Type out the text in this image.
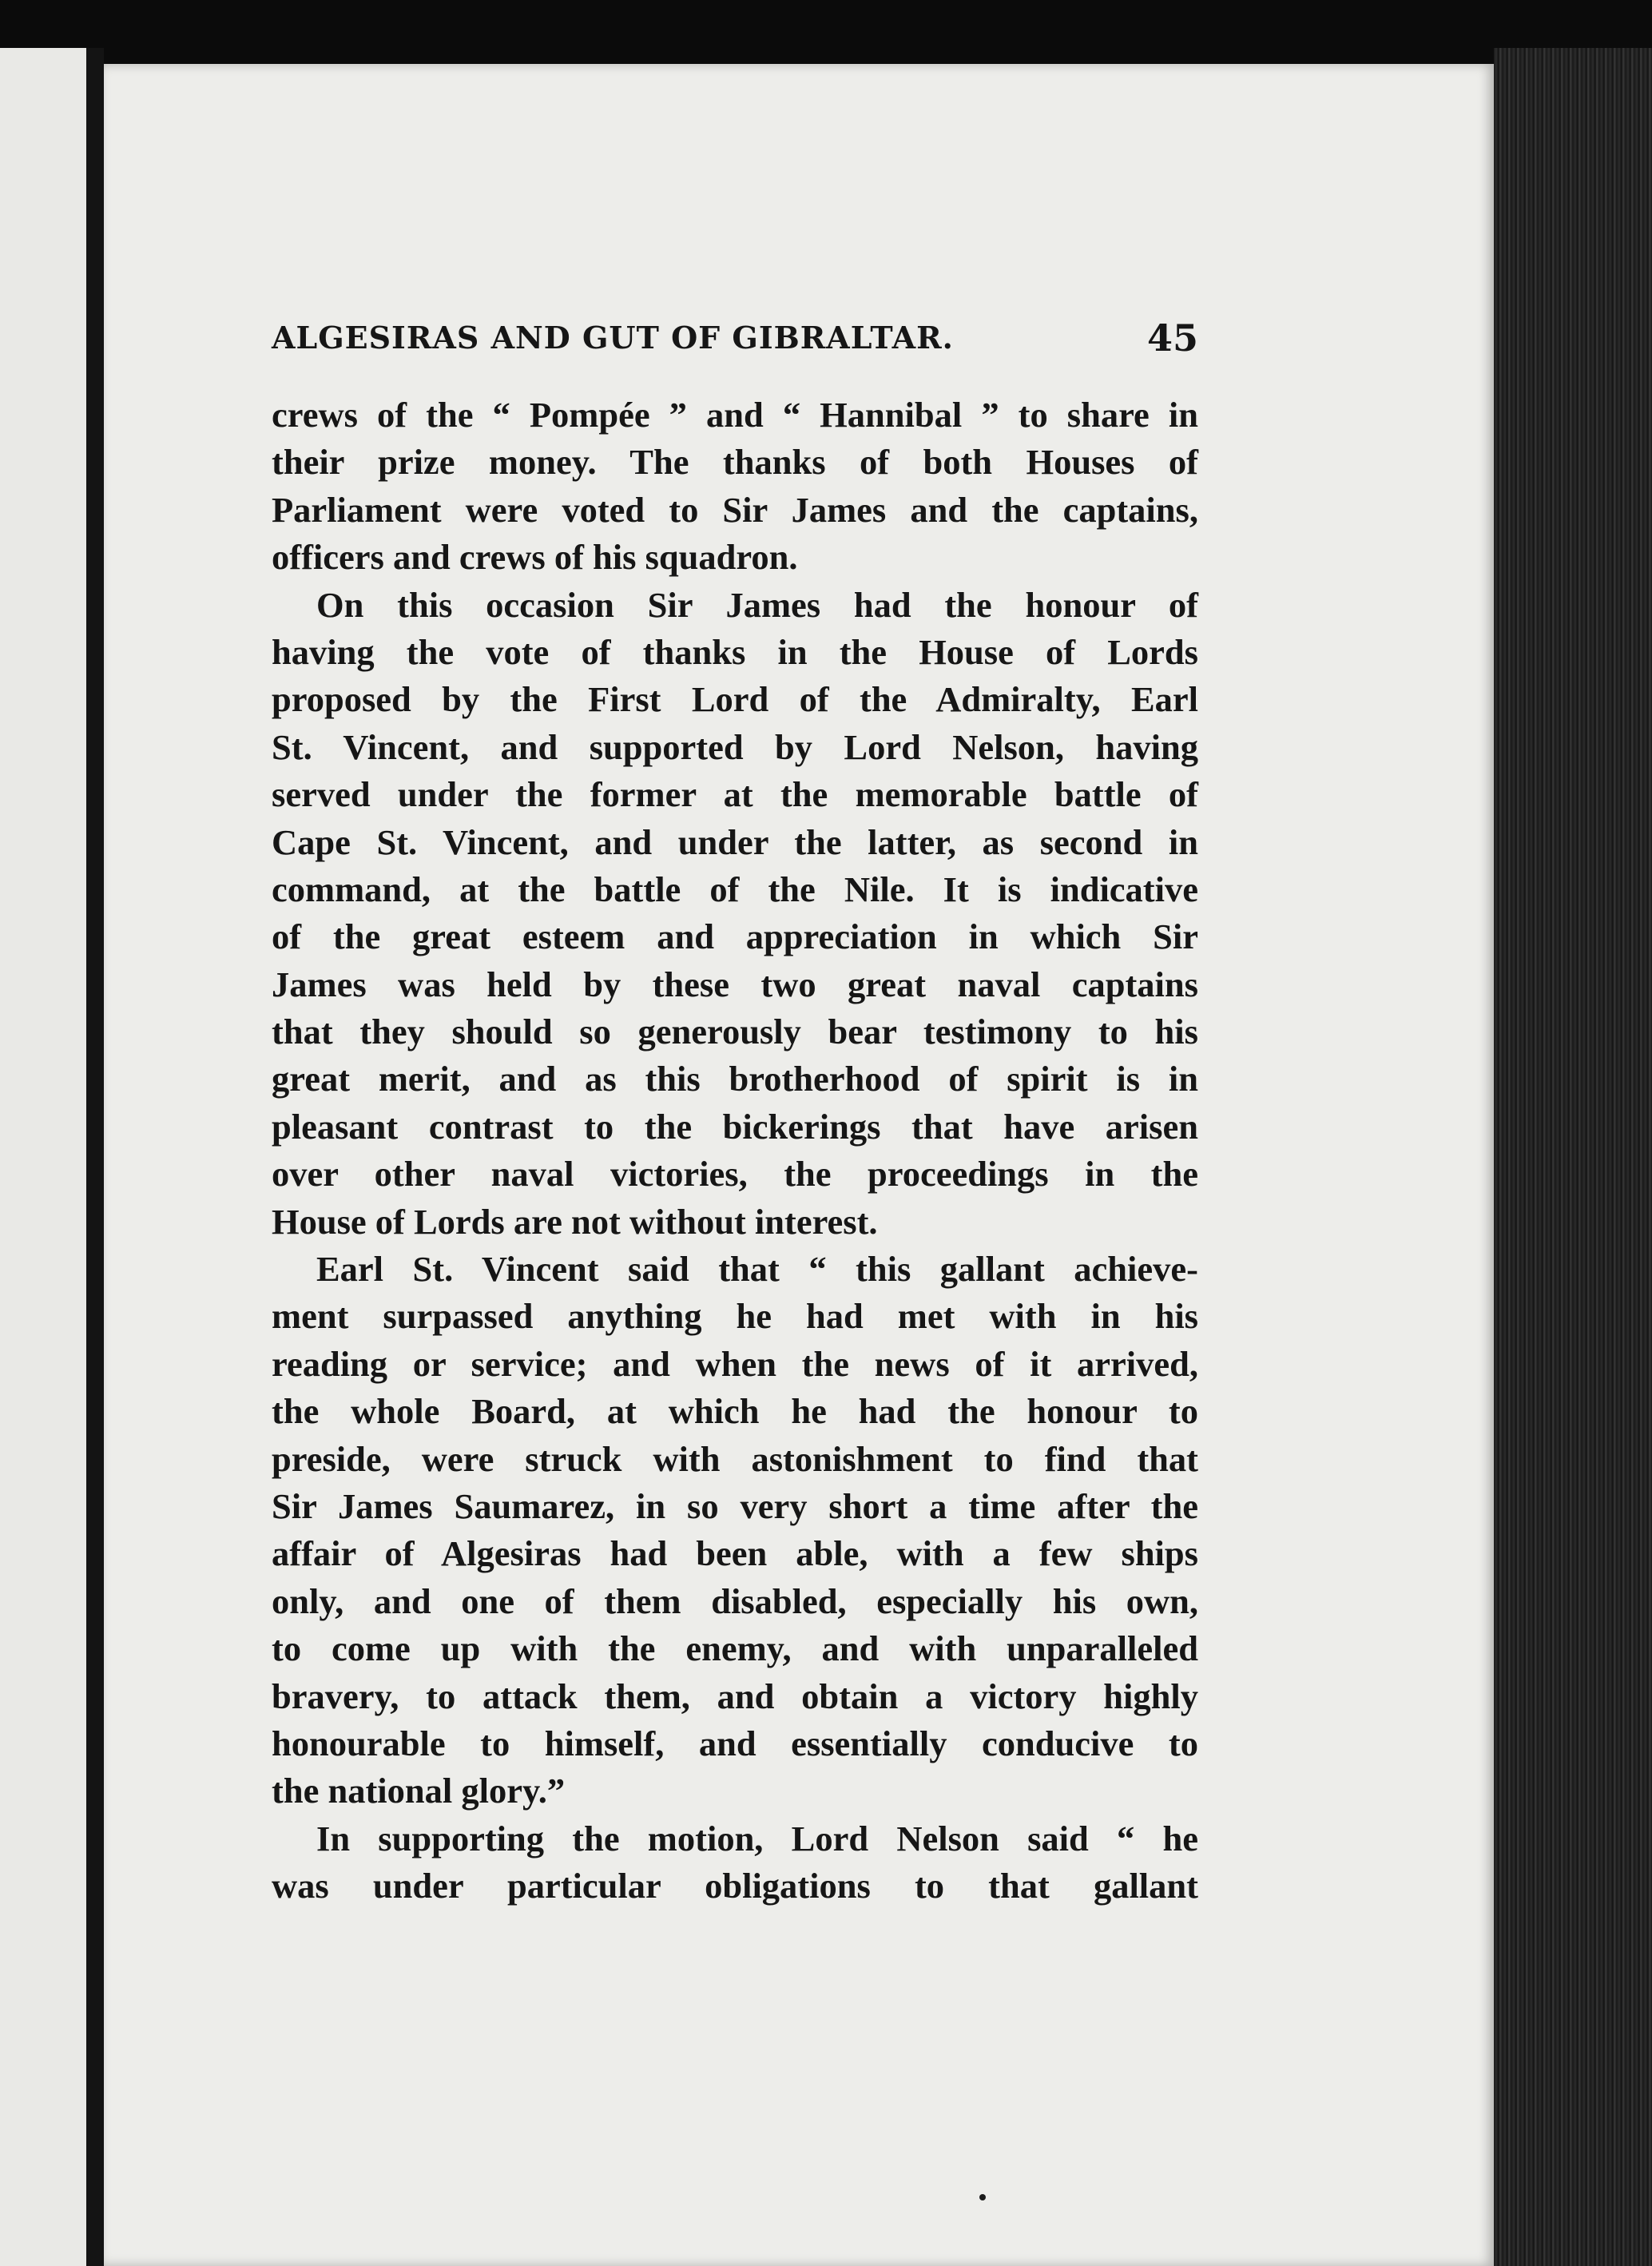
ALGESIRAS AND GUT OF GIBRALTAR.	45
crews of the “ Pompée ” and “ Hannibal ” to share in
their prize money. The thanks of both Houses of
Parliament were voted to Sir James and the captains,
officers and crews of his squadron.
On this occasion Sir James had the honour of
having the vote of thanks in the House of Lords
proposed by the First Lord of the Admiralty, Earl
St. Vincent, and supported by Lord Nelson, having
served under the former at the memorable battle of
Cape St. Vincent, and under the latter, as second in
command, at the battle of the Nile. It is indicative
of the great esteem and appreciation in which Sir
James was held by these two great naval captains
that they should so generously bear testimony to his
great merit, and as this brotherhood of spirit is in
pleasant contrast to the bickerings that have arisen
over other naval victories, the proceedings in the
House of Lords are not without interest.
Earl St. Vincent said that “ this gallant achieve-
ment surpassed anything he had met with in his
reading or service; and when the news of it arrived,
the whole Board, at which he had the honour to
preside, were struck with astonishment to find that
Sir James Saumarez, in so very short a time after the
affair of Algesiras had been able, with a few ships
only, and one of them disabled, especially his own,
to come up with the enemy, and with unparalleled
bravery, to attack them, and obtain a victory highly
honourable to himself, and essentially conducive to
the national glory.”
In supporting the motion, Lord Nelson said “ he
was under particular obligations to that gallant
